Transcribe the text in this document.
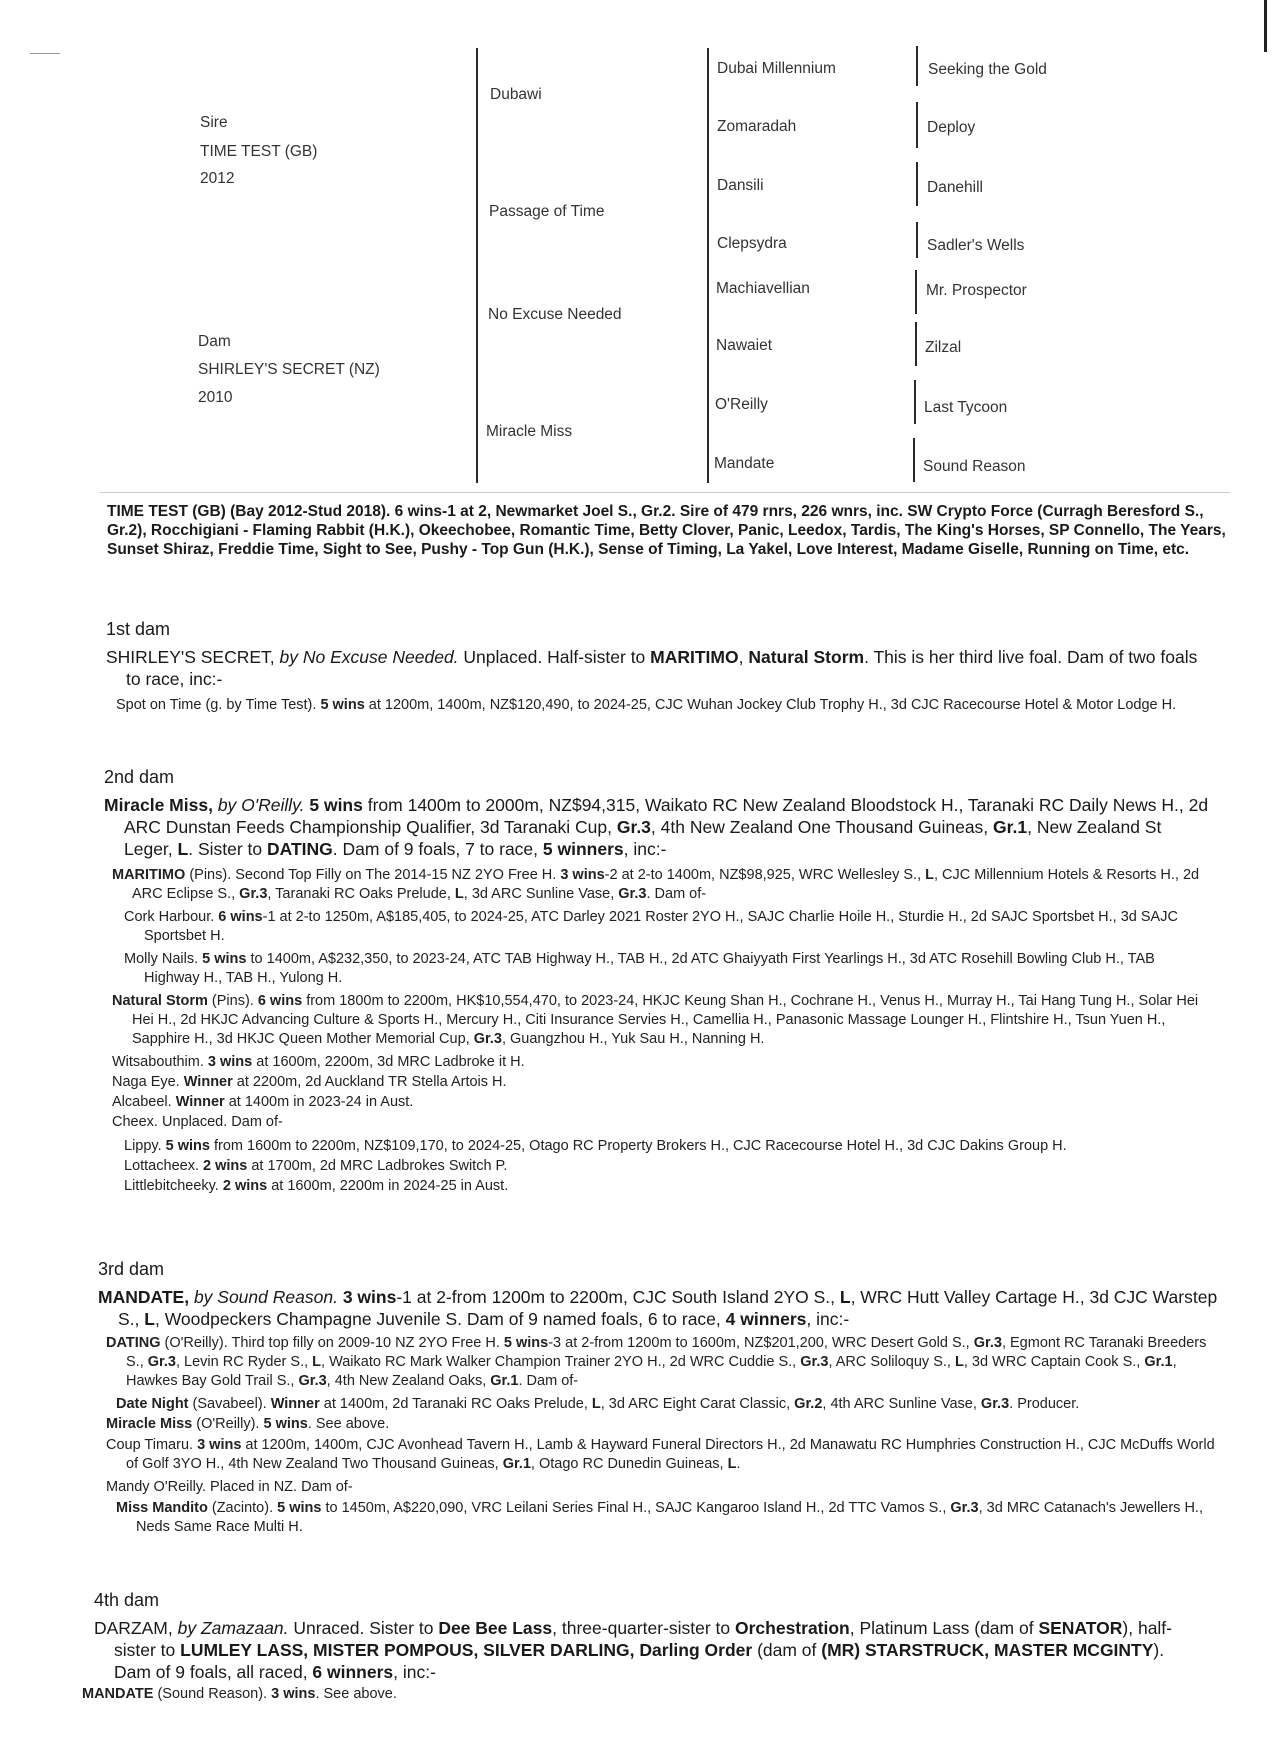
Sire
TIME TEST (GB)
2012
Dam
SHIRLEY'S SECRET (NZ)
2010
Dubawi
Passage of Time
No Excuse Needed
Miracle Miss
Dubai Millennium
Zomaradah
Dansili
Clepsydra
Machiavellian
Nawaiet
O'Reilly
Mandate
Seeking the Gold
Deploy
Danehill
Sadler's Wells
Mr. Prospector
Zilzal
Last Tycoon
Sound Reason
TIME TEST (GB) (Bay 2012-Stud 2018). 6 wins-1 at 2, Newmarket Joel S., Gr.2. Sire of 479 rnrs, 226 wnrs, inc. SW Crypto Force (Curragh Beresford S., Gr.2), Rocchigiani - Flaming Rabbit (H.K.), Okeechobee, Romantic Time, Betty Clover, Panic, Leedox, Tardis, The King's Horses, SP Connello, The Years, Sunset Shiraz, Freddie Time, Sight to See, Pushy - Top Gun (H.K.), Sense of Timing, La Yakel, Love Interest, Madame Giselle, Running on Time, etc.
1st dam

SHIRLEY'S SECRET, by No Excuse Needed. Unplaced. Half-sister to MARITIMO, Natural Storm. This is her third live foal. Dam of two foals to race, inc:-

Spot on Time (g. by Time Test). 5 wins at 1200m, 1400m, NZ$120,490, to 2024-25, CJC Wuhan Jockey Club Trophy H., 3d CJC Racecourse Hotel & Motor Lodge H.

2nd dam

Miracle Miss, by O'Reilly. 5 wins from 1400m to 2000m, NZ$94,315, Waikato RC New Zealand Bloodstock H., Taranaki RC Daily News H., 2d ARC Dunstan Feeds Championship Qualifier, 3d Taranaki Cup, Gr.3, 4th New Zealand One Thousand Guineas, Gr.1, New Zealand St Leger, L. Sister to DATING. Dam of 9 foals, 7 to race, 5 winners, inc:-

MARITIMO (Pins). Second Top Filly on The 2014-15 NZ 2YO Free H. 3 wins-2 at 2-to 1400m, NZ$98,925, WRC Wellesley S., L, CJC Millennium Hotels & Resorts H., 2d ARC Eclipse S., Gr.3, Taranaki RC Oaks Prelude, L, 3d ARC Sunline Vase, Gr.3. Dam of-

Cork Harbour. 6 wins-1 at 2-to 1250m, A$185,405, to 2024-25, ATC Darley 2021 Roster 2YO H., SAJC Charlie Hoile H., Sturdie H., 2d SAJC Sportsbet H., 3d SAJC Sportsbet H.

Molly Nails. 5 wins to 1400m, A$232,350, to 2023-24, ATC TAB Highway H., TAB H., 2d ATC Ghaiyyath First Yearlings H., 3d ATC Rosehill Bowling Club H., TAB Highway H., TAB H., Yulong H.

Natural Storm (Pins). 6 wins from 1800m to 2200m, HK$10,554,470, to 2023-24, HKJC Keung Shan H., Cochrane H., Venus H., Murray H., Tai Hang Tung H., Solar Hei Hei H., 2d HKJC Advancing Culture & Sports H., Mercury H., Citi Insurance Servies H., Camellia H., Panasonic Massage Lounger H., Flintshire H., Tsun Yuen H., Sapphire H., 3d HKJC Queen Mother Memorial Cup, Gr.3, Guangzhou H., Yuk Sau H., Nanning H.

Witsabouthim. 3 wins at 1600m, 2200m, 3d MRC Ladbroke it H.

Naga Eye. Winner at 2200m, 2d Auckland TR Stella Artois H.

Alcabeel. Winner at 1400m in 2023-24 in Aust.

Cheex. Unplaced. Dam of-

Lippy. 5 wins from 1600m to 2200m, NZ$109,170, to 2024-25, Otago RC Property Brokers H., CJC Racecourse Hotel H., 3d CJC Dakins Group H.

Lottacheex. 2 wins at 1700m, 2d MRC Ladbrokes Switch P.

Littlebitcheeky. 2 wins at 1600m, 2200m in 2024-25 in Aust.

3rd dam

MANDATE, by Sound Reason. 3 wins-1 at 2-from 1200m to 2200m, CJC South Island 2YO S., L, WRC Hutt Valley Cartage H., 3d CJC Warstep S., L, Woodpeckers Champagne Juvenile S. Dam of 9 named foals, 6 to race, 4 winners, inc:-

DATING (O'Reilly). Third top filly on 2009-10 NZ 2YO Free H. 5 wins-3 at 2-from 1200m to 1600m, NZ$201,200, WRC Desert Gold S., Gr.3, Egmont RC Taranaki Breeders S., Gr.3, Levin RC Ryder S., L, Waikato RC Mark Walker Champion Trainer 2YO H., 2d WRC Cuddie S., Gr.3, ARC Soliloquy S., L, 3d WRC Captain Cook S., Gr.1, Hawkes Bay Gold Trail S., Gr.3, 4th New Zealand Oaks, Gr.1. Dam of-

Date Night (Savabeel). Winner at 1400m, 2d Taranaki RC Oaks Prelude, L, 3d ARC Eight Carat Classic, Gr.2, 4th ARC Sunline Vase, Gr.3. Producer.

Miracle Miss (O'Reilly). 5 wins. See above.

Coup Timaru. 3 wins at 1200m, 1400m, CJC Avonhead Tavern H., Lamb & Hayward Funeral Directors H., 2d Manawatu RC Humphries Construction H., CJC McDuffs World of Golf 3YO H., 4th New Zealand Two Thousand Guineas, Gr.1, Otago RC Dunedin Guineas, L.

Mandy O'Reilly. Placed in NZ. Dam of-

Miss Mandito (Zacinto). 5 wins to 1450m, A$220,090, VRC Leilani Series Final H., SAJC Kangaroo Island H., 2d TTC Vamos S., Gr.3, 3d MRC Catanach's Jewellers H., Neds Same Race Multi H.

4th dam

DARZAM, by Zamazaan. Unraced. Sister to Dee Bee Lass, three-quarter-sister to Orchestration, Platinum Lass (dam of SENATOR), half-sister to LUMLEY LASS, MISTER POMPOUS, SILVER DARLING, Darling Order (dam of (MR) STARSTRUCK, MASTER MCGINTY). Dam of 9 foals, all raced, 6 winners, inc:-

MANDATE (Sound Reason). 3 wins. See above.
